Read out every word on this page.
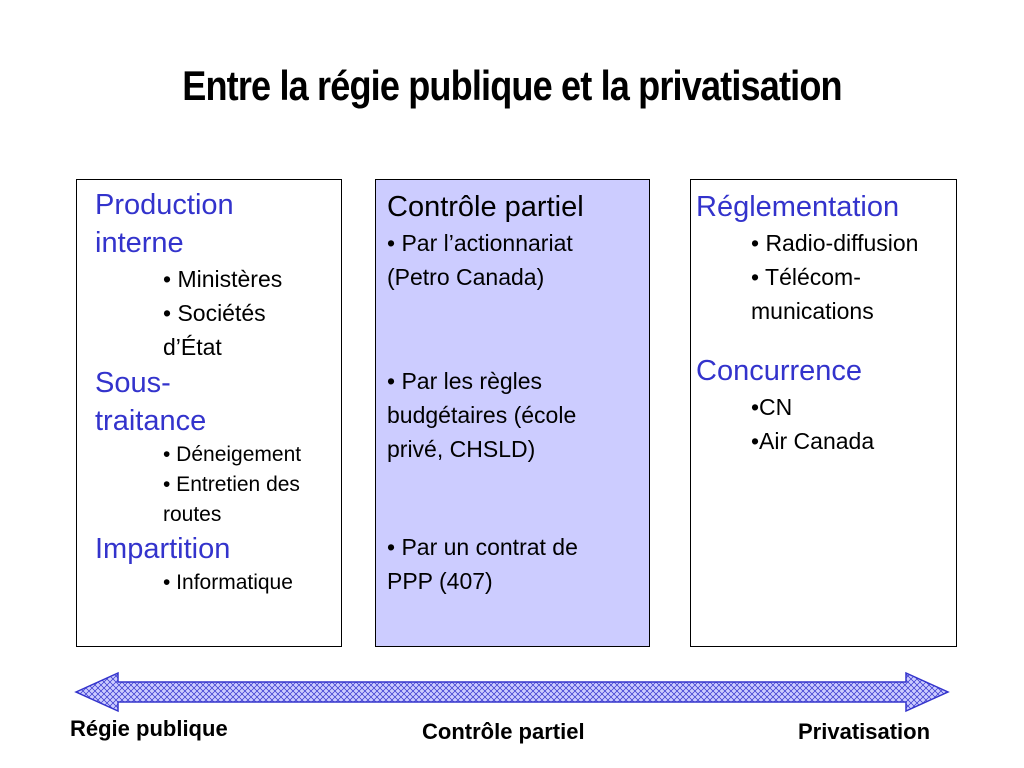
Entre la régie publique et la privatisation
Production
interne
• Ministères
• Sociétés
d’État
Sous-
traitance
• Déneigement
• Entretien des
routes
Impartition
• Informatique
Contrôle partiel
• Par l’actionnariat
(Petro Canada)
• Par les règles
budgétaires (école
privé, CHSLD)
• Par un contrat de
PPP (407)
Réglementation
• Radio-diffusion
• Télécom-
munications
Concurrence
•CN
•Air Canada
Régie publique	Contrôle partiel	Privatisation
